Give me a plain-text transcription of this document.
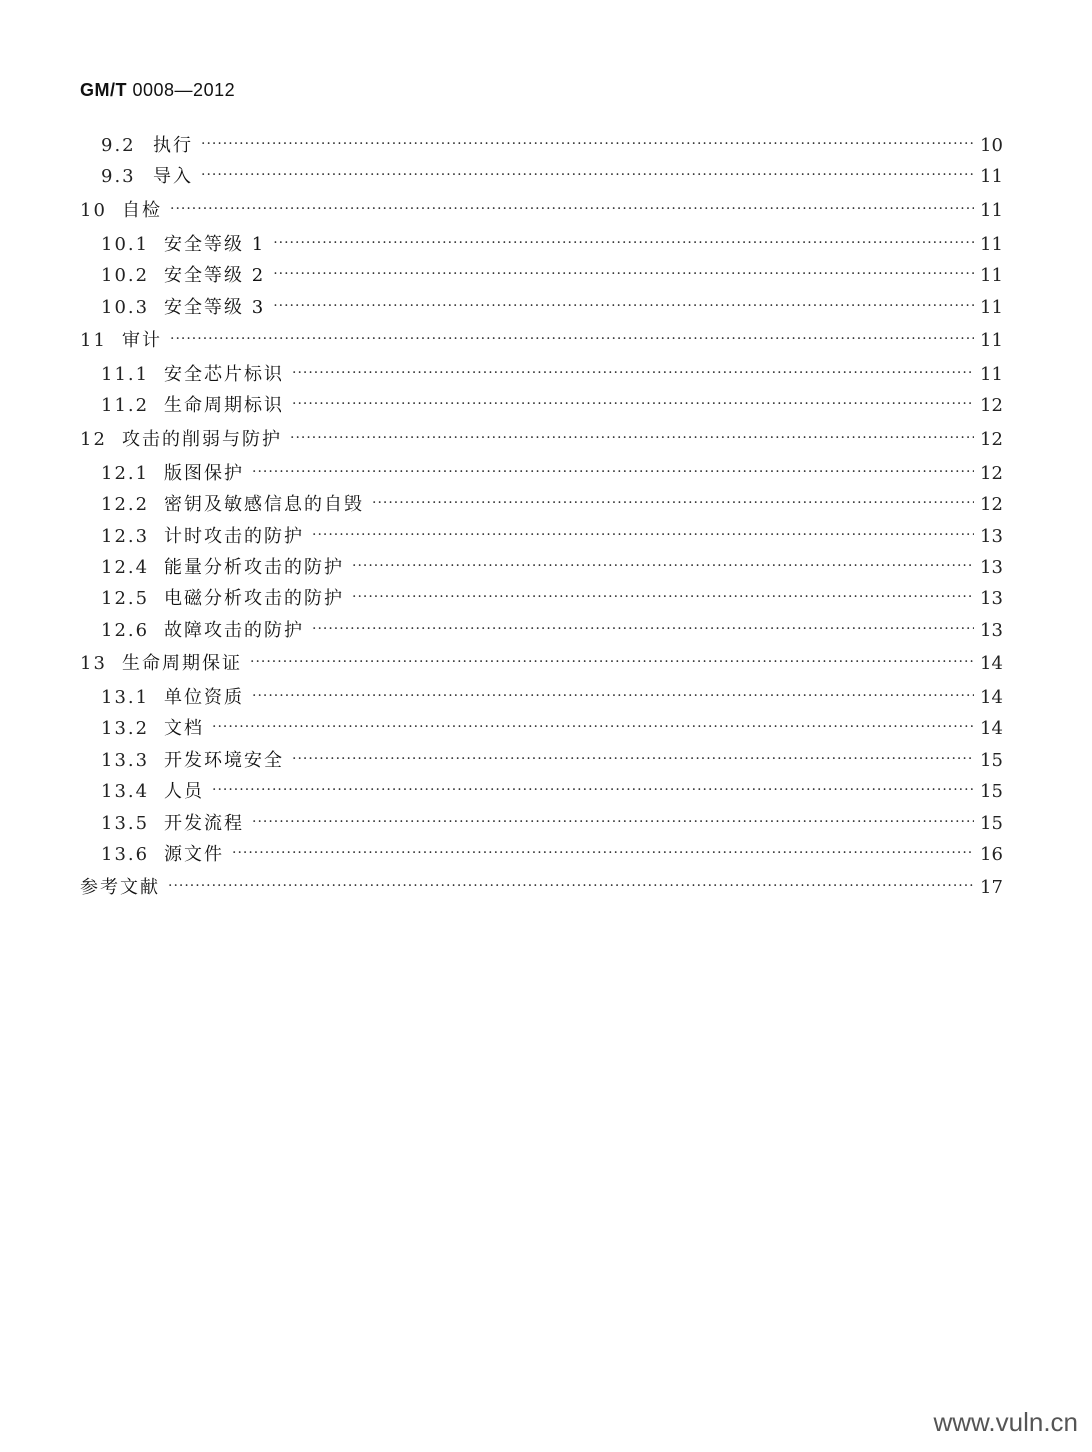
GM/T 0008—2012
9.2 执行 ·····	10
9.3 导入 ·····	11
10 自检 ·····	11
10.1 安全等级 1 ·····	11
10.2 安全等级 2 ·····	11
10.3 安全等级 3 ·····	11
11 审计 ·····	11
11.1 安全芯片标识 ·····	11
11.2 生命周期标识 ·····	12
12 攻击的削弱与防护 ·····	12
12.1 版图保护 ·····	12
12.2 密钥及敏感信息的自毁 ·····	12
12.3 计时攻击的防护 ·····	13
12.4 能量分析攻击的防护 ·····	13
12.5 电磁分析攻击的防护 ·····	13
12.6 故障攻击的防护 ·····	13
13 生命周期保证 ·····	14
13.1 单位资质 ·····	14
13.2 文档 ·····	14
13.3 开发环境安全 ·····	15
13.4 人员 ·····	15
13.5 开发流程 ·····	15
13.6 源文件 ·····	16
参考文献 ·····	17
www.vuln.cn
